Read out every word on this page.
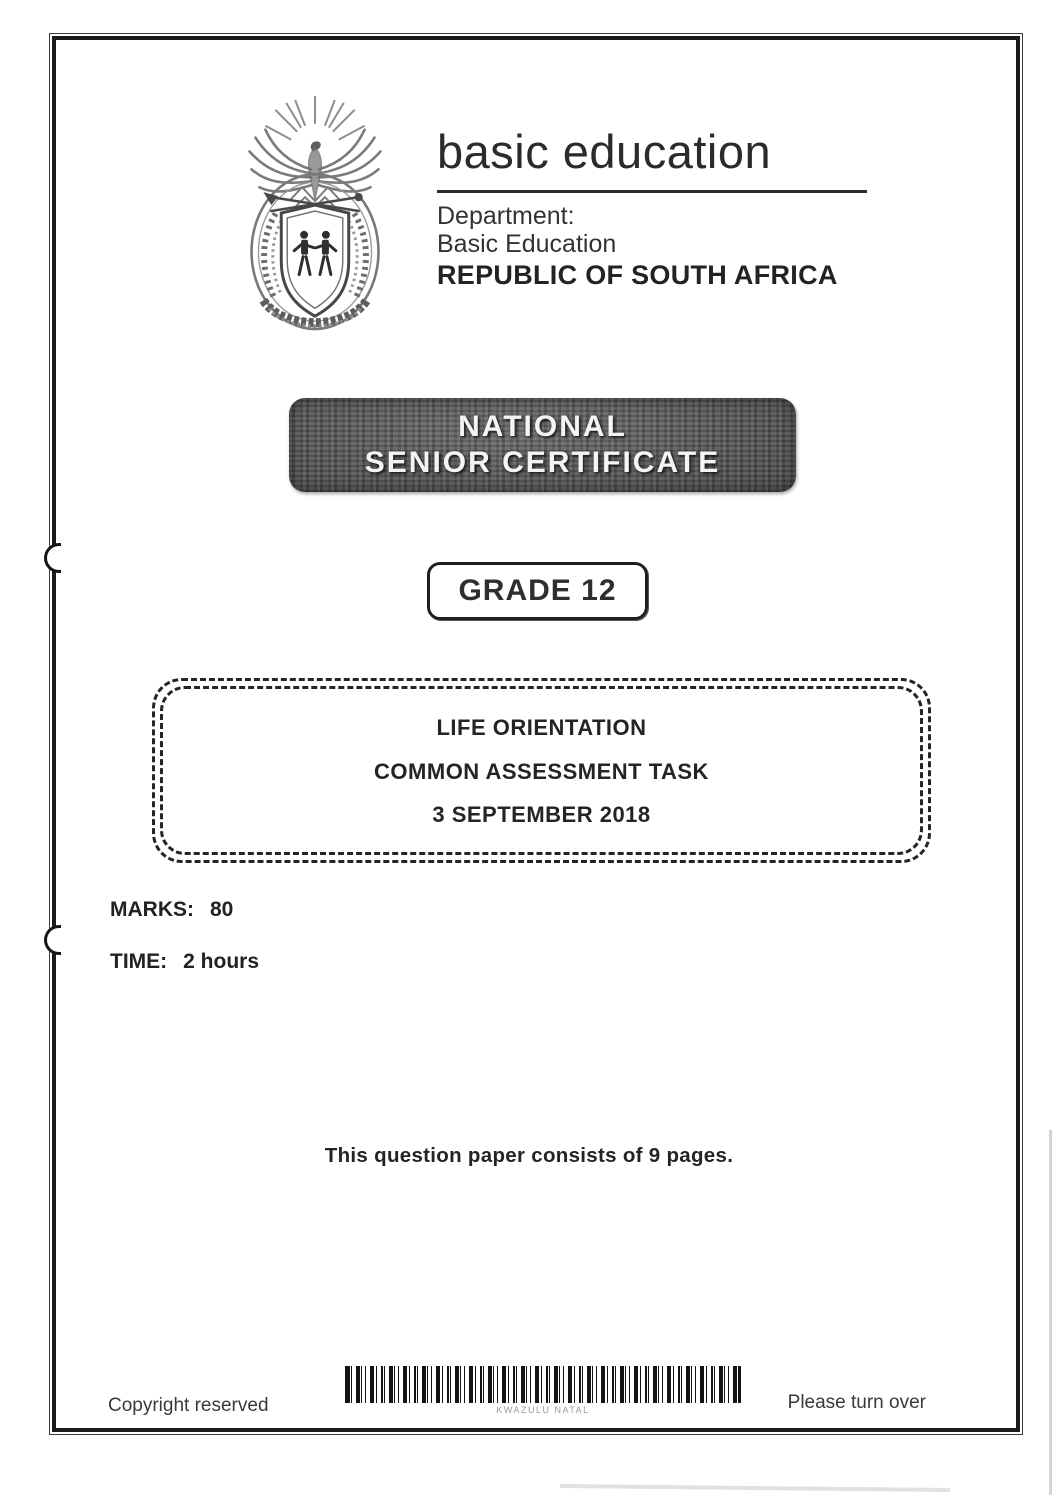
basic education
Department:
Basic Education
REPUBLIC OF SOUTH AFRICA
NATIONAL
SENIOR CERTIFICATE
GRADE 12
LIFE ORIENTATION
COMMON ASSESSMENT TASK
3 SEPTEMBER 2018
MARKS: 80
TIME: 2 hours
This question paper consists of 9 pages.
Copyright reserved	KWAZULU NATAL	Please turn over
